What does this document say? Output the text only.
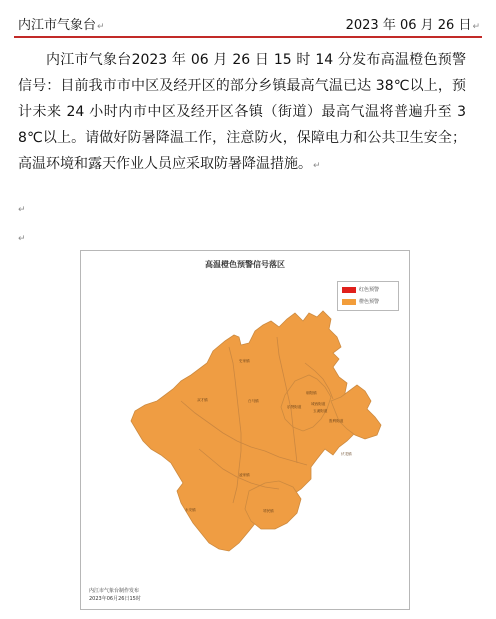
内江市气象台↵	2023 年 06 月 26 日↵

内江市气象台2023 年 06 月 26 日 15 时 14 分发布高温橙色预警信号：目前我市市中区及经开区的部分乡镇最高气温已达 38℃以上，预计未来 24 小时内市中区及经开区各镇（街道）最高气温将普遍升至 38℃以上。请做好防暑降温工作，注意防火，保障电力和公共卫生安全；高温环境和露天作业人员应采取防暑降温措施。↵

↵
↵
史家镇
双才镇	白马镇
朝阳镇
乐贤街道
城西街道
玉溪街道
胜利街道
伏龙镇
凌家镇
永安镇	靖民镇
高温橙色预警信号落区
红色预警
橙色预警
内江市气象台制作发布
2023年06月26日15时
